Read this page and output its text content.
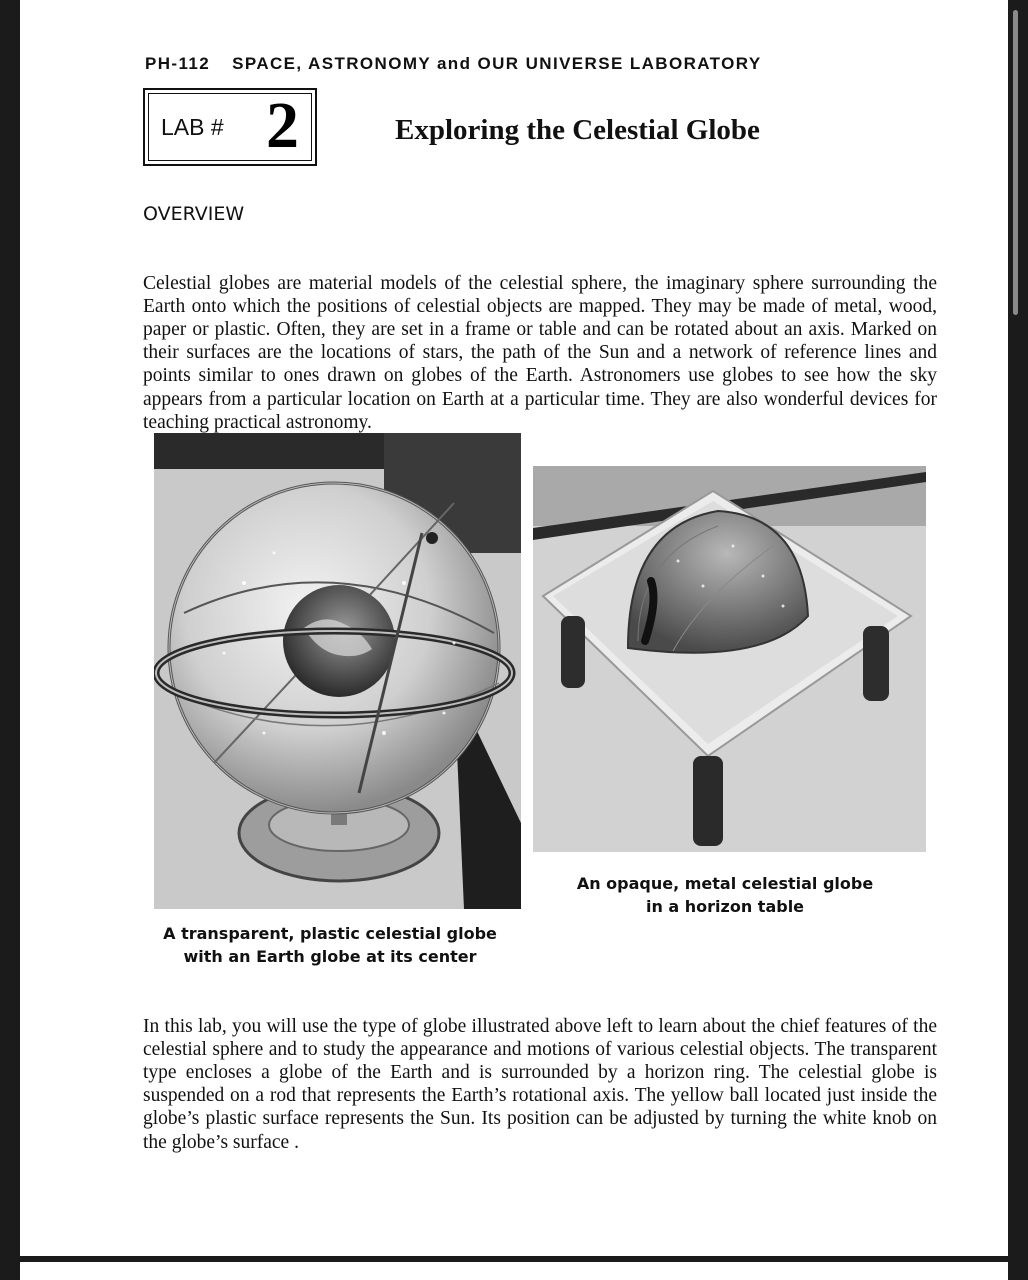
PH-112 SPACE, ASTRONOMY and OUR UNIVERSE LABORATORY
LAB # 2	Exploring the Celestial Globe
OVERVIEW

Celestial globes are material models of the celestial sphere, the imaginary sphere surrounding the Earth onto which the positions of celestial objects are mapped. They may be made of metal, wood, paper or plastic. Often, they are set in a frame or table and can be rotated about an axis. Marked on their surfaces are the locations of stars, the path of the Sun and a network of reference lines and points similar to ones drawn on globes of the Earth. Astronomers use globes to see how the sky appears from a particular location on Earth at a particular time. They are also wonderful devices for teaching practical astronomy.

An opaque, metal celestial globe
in a horizon table
A transparent, plastic celestial globe
with an Earth globe at its center

In this lab, you will use the type of globe illustrated above left to learn about the chief features of the celestial sphere and to study the appearance and motions of various celestial objects. The transparent type encloses a globe of the Earth and is surrounded by a horizon ring. The celestial globe is suspended on a rod that represents the Earth’s rotational axis. The yellow ball located just inside the globe’s plastic surface represents the Sun. Its position can be adjusted by turning the white knob on the globe’s surface .
